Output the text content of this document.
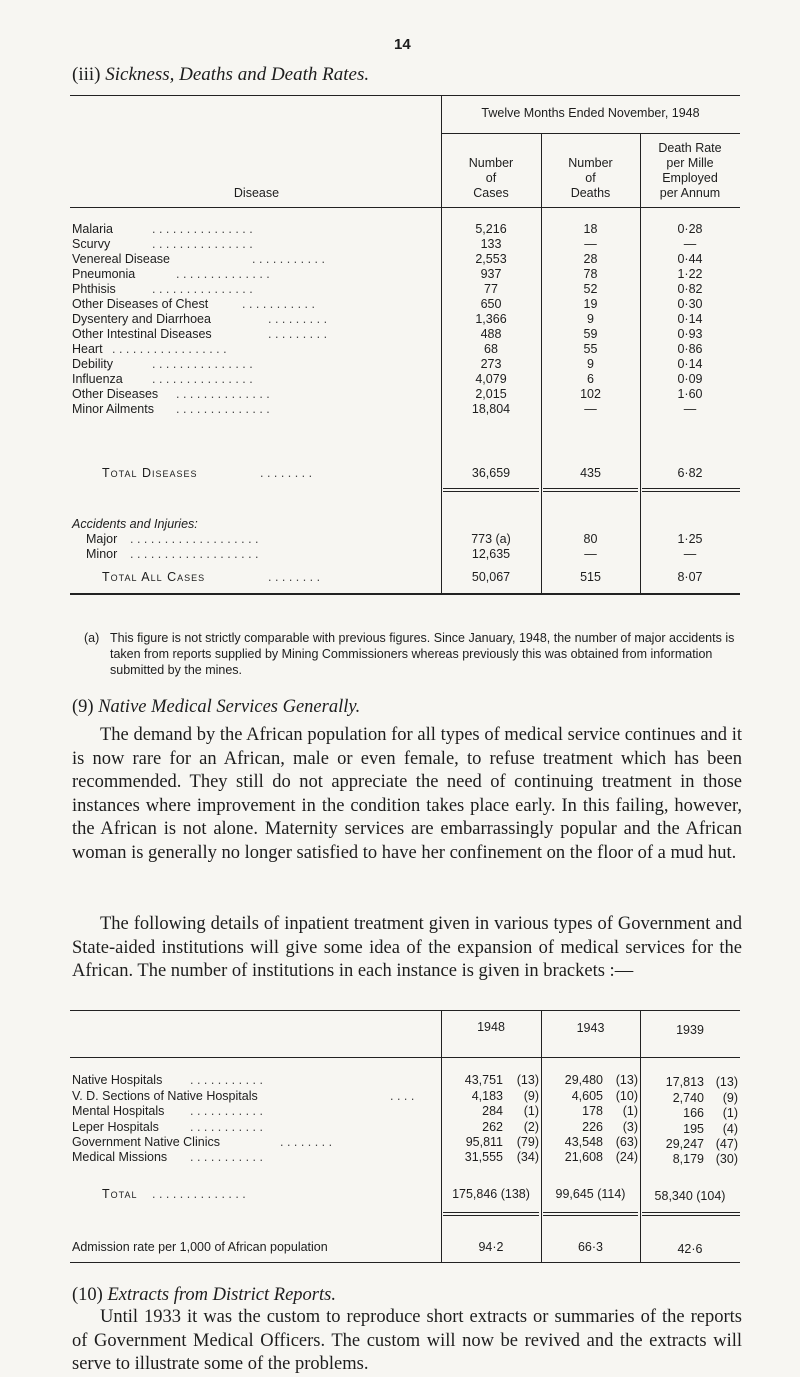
14
(iii) Sickness, Deaths and Death Rates.
Twelve Months Ended November, 1948
Disease
Number
of
Cases
Number
of
Deaths
Death Rate
per Mille
Employed
per Annum
Malaria	. . . . . . . . . . . . . . .	5,216	18	0·28
Scurvy	. . . . . . . . . . . . . . .	133	—	—
Venereal Disease	. . . . . . . . . . .	2,553	28	0·44
Pneumonia	. . . . . . . . . . . . . .	937	78	1·22
Phthisis	. . . . . . . . . . . . . . .	77	52	0·82
Other Diseases of Chest	. . . . . . . . . . .	650	19	0·30
Dysentery and Diarrhoea	. . . . . . . . .	1,366	9	0·14
Other Intestinal Diseases	. . . . . . . . .	488	59	0·93
Heart . . . . . . . . . . . . . . . . .	68	55	0·86
Debility	. . . . . . . . . . . . . . .	273	9	0·14
Influenza . . . . . . . . . . . . . . .	4,079	6	0·09
Other Diseases . . . . . . . . . . . . . .	2,015	102	1·60
Minor Ailments . . . . . . . . . . . . . .	18,804	—	—
Total Diseases	. . . . . . . .	36,659	435	6·82
Accidents and Injuries:
Major . . . . . . . . . . . . . . . . . . .	773 (a)	80	1·25
Minor . . . . . . . . . . . . . . . . . . .	12,635	—	—
Total All Cases	. . . . . . . .	50,067	515	8·07
(a) This figure is not strictly comparable with previous figures. Since January, 1948, the number of major accidents is taken from reports supplied by Mining Commissioners whereas previously this was obtained from information submitted by the mines.
(9) Native Medical Services Generally.
The demand by the African population for all types of medical service continues and it is now rare for an African, male or even female, to refuse treatment which has been recommended. They still do not appreciate the need of continuing treatment in those instances where improvement in the condition takes place early. In this failing, however, the African is not alone. Maternity services are embarrassingly popular and the African woman is generally no longer satisfied to have her confinement on the floor of a mud hut.
The following details of inpatient treatment given in various types of Government and State-aided institutions will give some idea of the expansion of medical services for the African. The number of institutions in each instance is given in brackets :—
1948	1943	1939
Native Hospitals . . . . . . . . . . .	43,751	(13)	29,480	(13)	17,813 (13)
V. D. Sections of Native Hospitals	. . . .	4,183	(9)	4,605	(10)	2,740	(9)
Mental Hospitals . . . . . . . . . . .	284	(1)	178	(1)	166	(1)
Leper Hospitals . . . . . . . . . . .	262	(2)	226	(3)	195	(4)
Government Native Clinics	. . . . . . . .	95,811	(79)	43,548	(63)	29,247 (47)
Medical Missions . . . . . . . . . . .	31,555	(34)	21,608	(24)	8,179 (30)
Total . . . . . . . . . . . . . .	175,846 (138)	99,645 (114)	58,340 (104)
Admission rate per 1,000 of African population	94·2	66·3	42·6
(10) Extracts from District Reports.
Until 1933 it was the custom to reproduce short extracts or summaries of the reports of Government Medical Officers. The custom will now be revived and the extracts will serve to illustrate some of the problems.
